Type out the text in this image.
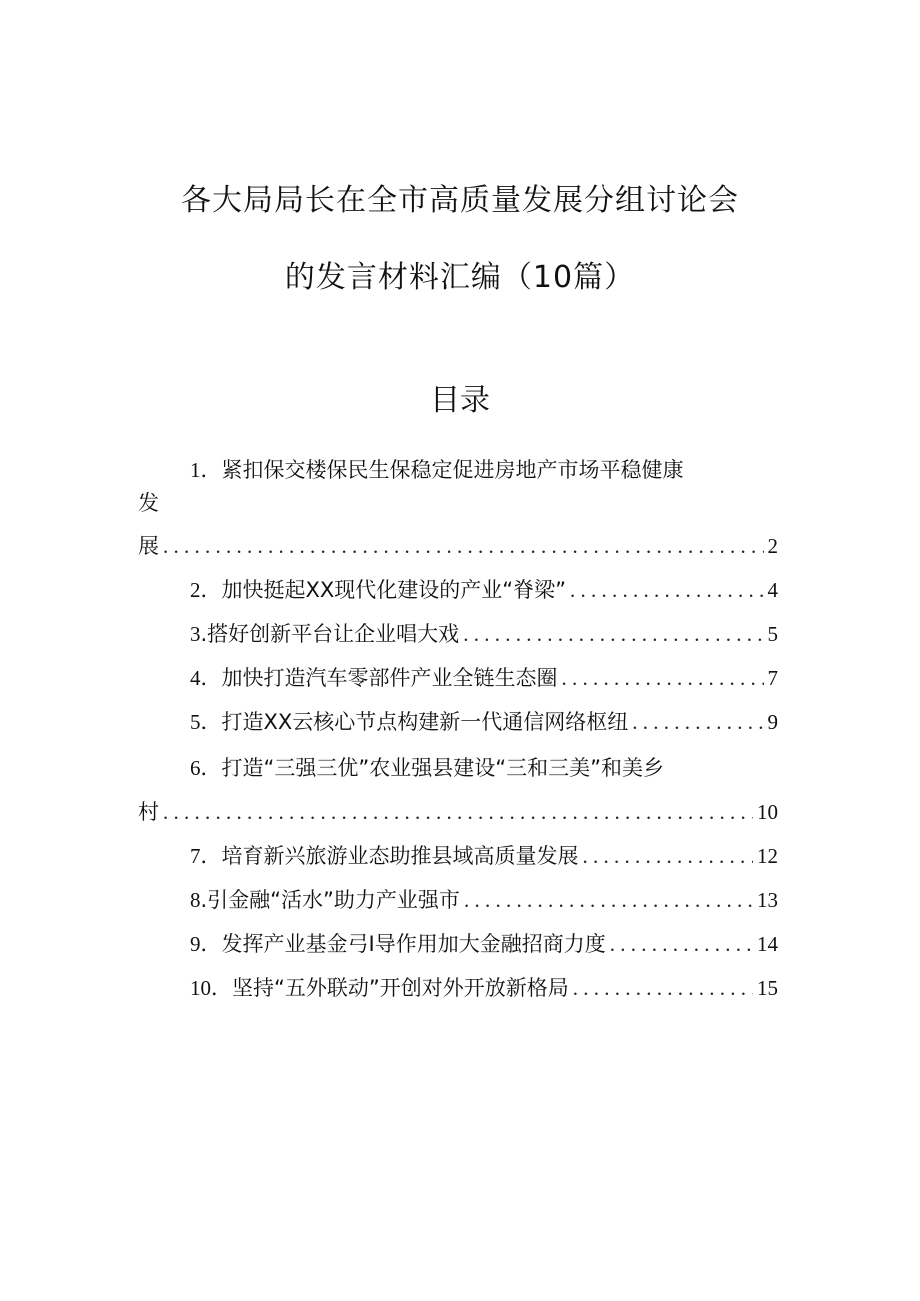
各大局局长在全市高质量发展分组讨论会
的发言材料汇编（10篇）
目录
1 ．紧扣保交楼保民生保稳定促进房地产市场平稳健康
发
展 . . .	2
2 ．加快挺起XX现代化建设的产业“脊梁” . . .	4
3 .搭好创新平台让企业唱大戏 . . .	5
4 ．加快打造汽车零部件产业全链生态圈 . . .	7
5 ．打造XX云核心节点构建新一代通信网络枢纽 . . .	9
6 ．打造“三强三优”农业强县建设“三和三美”和美乡
村 . . .	10
7 ．培育新兴旅游业态助推县域高质量发展 . . .	12
8 .引金融“活水”助力产业强市 . . .	13
9 ．发挥产业基金弓I导作用加大金融招商力度 . . .	14
10 ．坚持“五外联动”开创对外开放新格局 . . .	15
